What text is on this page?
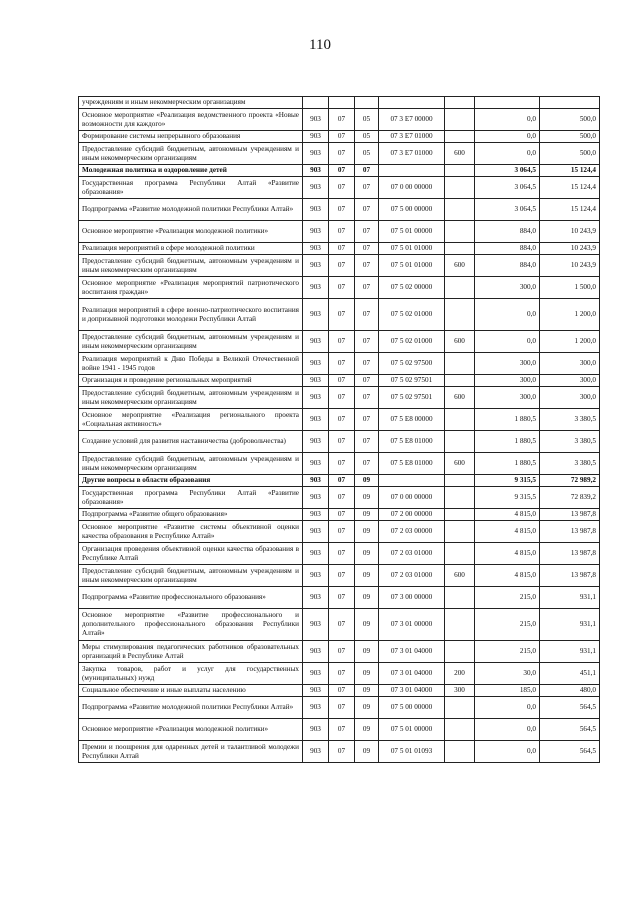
110
учреждениям и иным некоммерческим организациям							
Основное мероприятие «Реализация ведомственного проекта «Новые возможности для каждого»	903	07	05	07 3 E7 00000		0,0	500,0
Формирование системы непрерывного образования	903	07	05	07 3 E7 01000		0,0	500,0
Предоставление субсидий бюджетным, автономным учреждениям и иным некоммерческим организациям	903	07	05	07 3 E7 01000	600	0,0	500,0
Молодежная политика и оздоровление детей	903	07	07			3 064,5	15 124,4
Государственная программа Республики Алтай «Развитие образования»	903	07	07	07 0 00 00000		3 064,5	15 124,4
Подпрограмма «Развитие молодежной политики Республики Алтай»	903	07	07	07 5 00 00000		3 064,5	15 124,4
Основное мероприятие «Реализация молодежной политики»	903	07	07	07 5 01 00000		884,0	10 243,9
Реализация мероприятий в сфере молодежной политики	903	07	07	07 5 01 01000		884,0	10 243,9
Предоставление субсидий бюджетным, автономным учреждениям и иным некоммерческим организациям	903	07	07	07 5 01 01000	600	884,0	10 243,9
Основное мероприятие «Реализация мероприятий патриотического воспитания граждан»	903	07	07	07 5 02 00000		300,0	1 500,0
Реализация мероприятий в сфере военно-патриотического воспитания и допризывной подготовки молодежи Республики Алтай	903	07	07	07 5 02 01000		0,0	1 200,0
Предоставление субсидий бюджетным, автономным учреждениям и иным некоммерческим организациям	903	07	07	07 5 02 01000	600	0,0	1 200,0
Реализация мероприятий к Дню Победы в Великой Отечественной войне 1941 - 1945 годов	903	07	07	07 5 02 97500		300,0	300,0
Организация и проведение региональных мероприятий	903	07	07	07 5 02 97501		300,0	300,0
Предоставление субсидий бюджетным, автономным учреждениям и иным некоммерческим организациям	903	07	07	07 5 02 97501	600	300,0	300,0
Основное мероприятие «Реализация регионального проекта «Социальная активность»	903	07	07	07 5 E8 00000		1 880,5	3 380,5
Создание условий для развития наставничества (добровольчества)	903	07	07	07 5 E8 01000		1 880,5	3 380,5
Предоставление субсидий бюджетным, автономным учреждениям и иным некоммерческим организациям	903	07	07	07 5 E8 01000	600	1 880,5	3 380,5
Другие вопросы в области образования	903	07	09			9 315,5	72 989,2
Государственная программа Республики Алтай «Развитие образования»	903	07	09	07 0 00 00000		9 315,5	72 839,2
Подпрограмма «Развитие общего образования»	903	07	09	07 2 00 00000		4 815,0	13 987,8
Основное мероприятие «Развитие системы объективной оценки качества образования в Республике Алтай»	903	07	09	07 2 03 00000		4 815,0	13 987,8
Организация проведения объективной оценки качества образования в Республике Алтай	903	07	09	07 2 03 01000		4 815,0	13 987,8
Предоставление субсидий бюджетным, автономным учреждениям и иным некоммерческим организациям	903	07	09	07 2 03 01000	600	4 815,0	13 987,8
Подпрограмма «Развитие профессионального образования»	903	07	09	07 3 00 00000		215,0	931,1
Основное мероприятие «Развитие профессионального и дополнительного профессионального образования Республики Алтай»	903	07	09	07 3 01 00000		215,0	931,1
Меры стимулирования педагогических работников образовательных организаций в Республике Алтай	903	07	09	07 3 01 04000		215,0	931,1
Закупка товаров, работ и услуг для государственных (муниципальных) нужд	903	07	09	07 3 01 04000	200	30,0	451,1
Социальное обеспечение и иные выплаты населению	903	07	09	07 3 01 04000	300	185,0	480,0
Подпрограмма «Развитие молодежной политики Республики Алтай»	903	07	09	07 5 00 00000		0,0	564,5
Основное мероприятие «Реализация молодежной политики»	903	07	09	07 5 01 00000		0,0	564,5
Премии и поощрения для одаренных детей и талантливой молодежи Республики Алтай	903	07	09	07 5 01 01093		0,0	564,5
